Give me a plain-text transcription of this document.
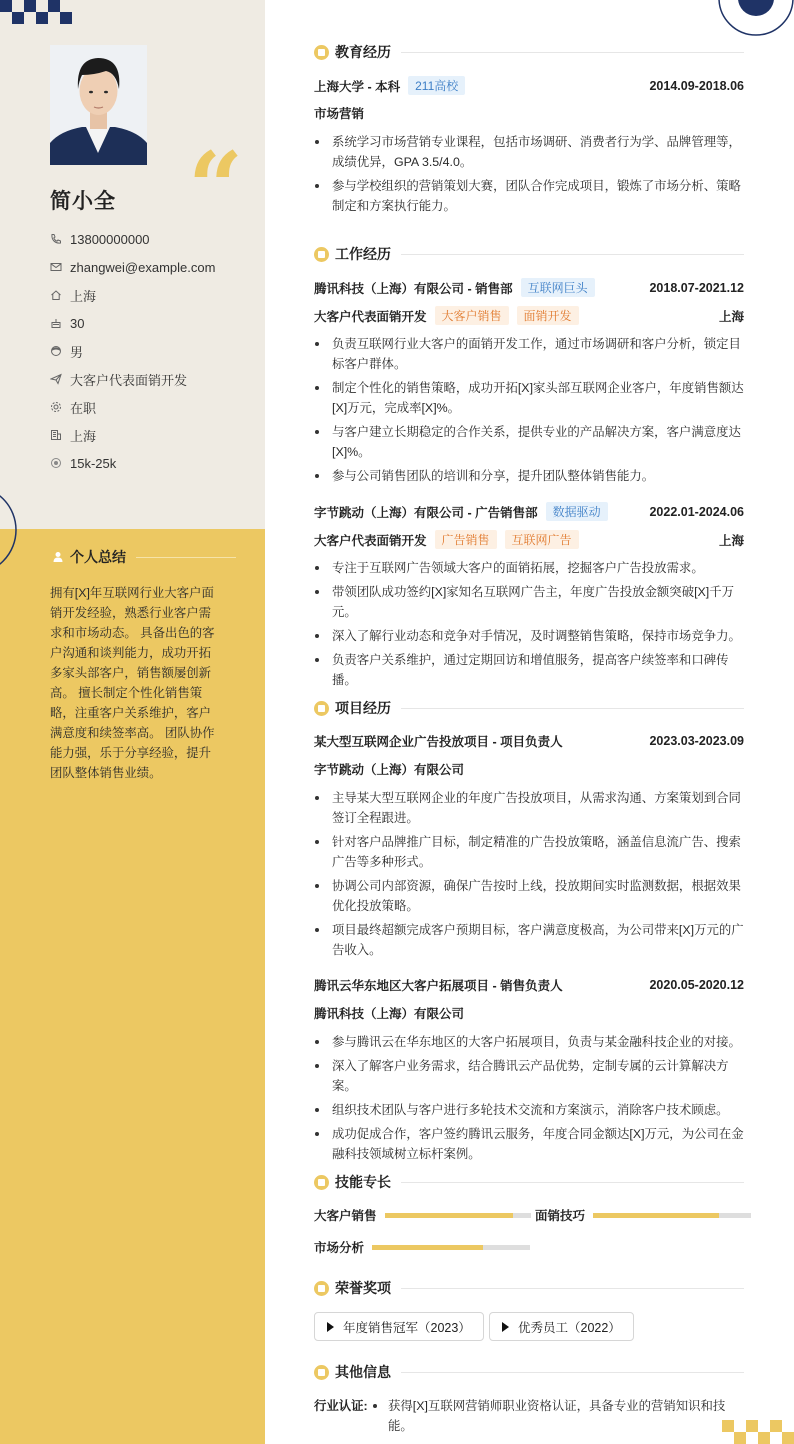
“
简小全
13800000000
zhangwei@example.com
上海
30
男
大客户代表面销开发
在职
上海
15k-25k
个人总结
拥有[X]年互联网行业大客户面销开发经验，熟悉行业客户需求和市场动态。 具备出色的客户沟通和谈判能力，成功开拓多家头部客户，销售额屡创新高。 擅长制定个性化销售策略，注重客户关系维护，客户满意度和续签率高。 团队协作能力强，乐于分享经验，提升团队整体销售业绩。
教育经历
上海大学 - 本科	211高校	2014.09-2018.06
市场营销
系统学习市场营销专业课程，包括市场调研、消费者行为学、品牌管理等，成绩优异，GPA 3.5/4.0。
参与学校组织的营销策划大赛，团队合作完成项目，锻炼了市场分析、策略制定和方案执行能力。
工作经历
腾讯科技（上海）有限公司 - 销售部	互联网巨头	2018.07-2021.12
大客户代表面销开发	大客户销售	面销开发	上海
负责互联网行业大客户的面销开发工作，通过市场调研和客户分析，锁定目标客户群体。
制定个性化的销售策略，成功开拓[X]家头部互联网企业客户，年度销售额达[X]万元，完成率[X]%。
与客户建立长期稳定的合作关系，提供专业的产品解决方案，客户满意度达[X]%。
参与公司销售团队的培训和分享，提升团队整体销售能力。
字节跳动（上海）有限公司 - 广告销售部	数据驱动	2022.01-2024.06
大客户代表面销开发	广告销售	互联网广告	上海
专注于互联网广告领域大客户的面销拓展，挖掘客户广告投放需求。
带领团队成功签约[X]家知名互联网广告主，年度广告投放金额突破[X]千万元。
深入了解行业动态和竞争对手情况，及时调整销售策略，保持市场竞争力。
负责客户关系维护，通过定期回访和增值服务，提高客户续签率和口碑传播。
项目经历
某大型互联网企业广告投放项目 - 项目负责人	2023.03-2023.09
字节跳动（上海）有限公司
主导某大型互联网企业的年度广告投放项目，从需求沟通、方案策划到合同签订全程跟进。
针对客户品牌推广目标，制定精准的广告投放策略，涵盖信息流广告、搜索广告等多种形式。
协调公司内部资源，确保广告按时上线，投放期间实时监测数据，根据效果优化投放策略。
项目最终超额完成客户预期目标，客户满意度极高，为公司带来[X]万元的广告收入。
腾讯云华东地区大客户拓展项目 - 销售负责人	2020.05-2020.12
腾讯科技（上海）有限公司
参与腾讯云在华东地区的大客户拓展项目，负责与某金融科技企业的对接。
深入了解客户业务需求，结合腾讯云产品优势，定制专属的云计算解决方案。
组织技术团队与客户进行多轮技术交流和方案演示，消除客户技术顾虑。
成功促成合作，客户签约腾讯云服务，年度合同金额达[X]万元，为公司在金融科技领域树立标杆案例。
技能专长
大客户销售	面销技巧
市场分析
荣誉奖项
年度销售冠军（2023）	优秀员工（2022）
其他信息
行业认证:	获得[X]互联网营销师职业资格认证，具备专业的营销知识和技能。
